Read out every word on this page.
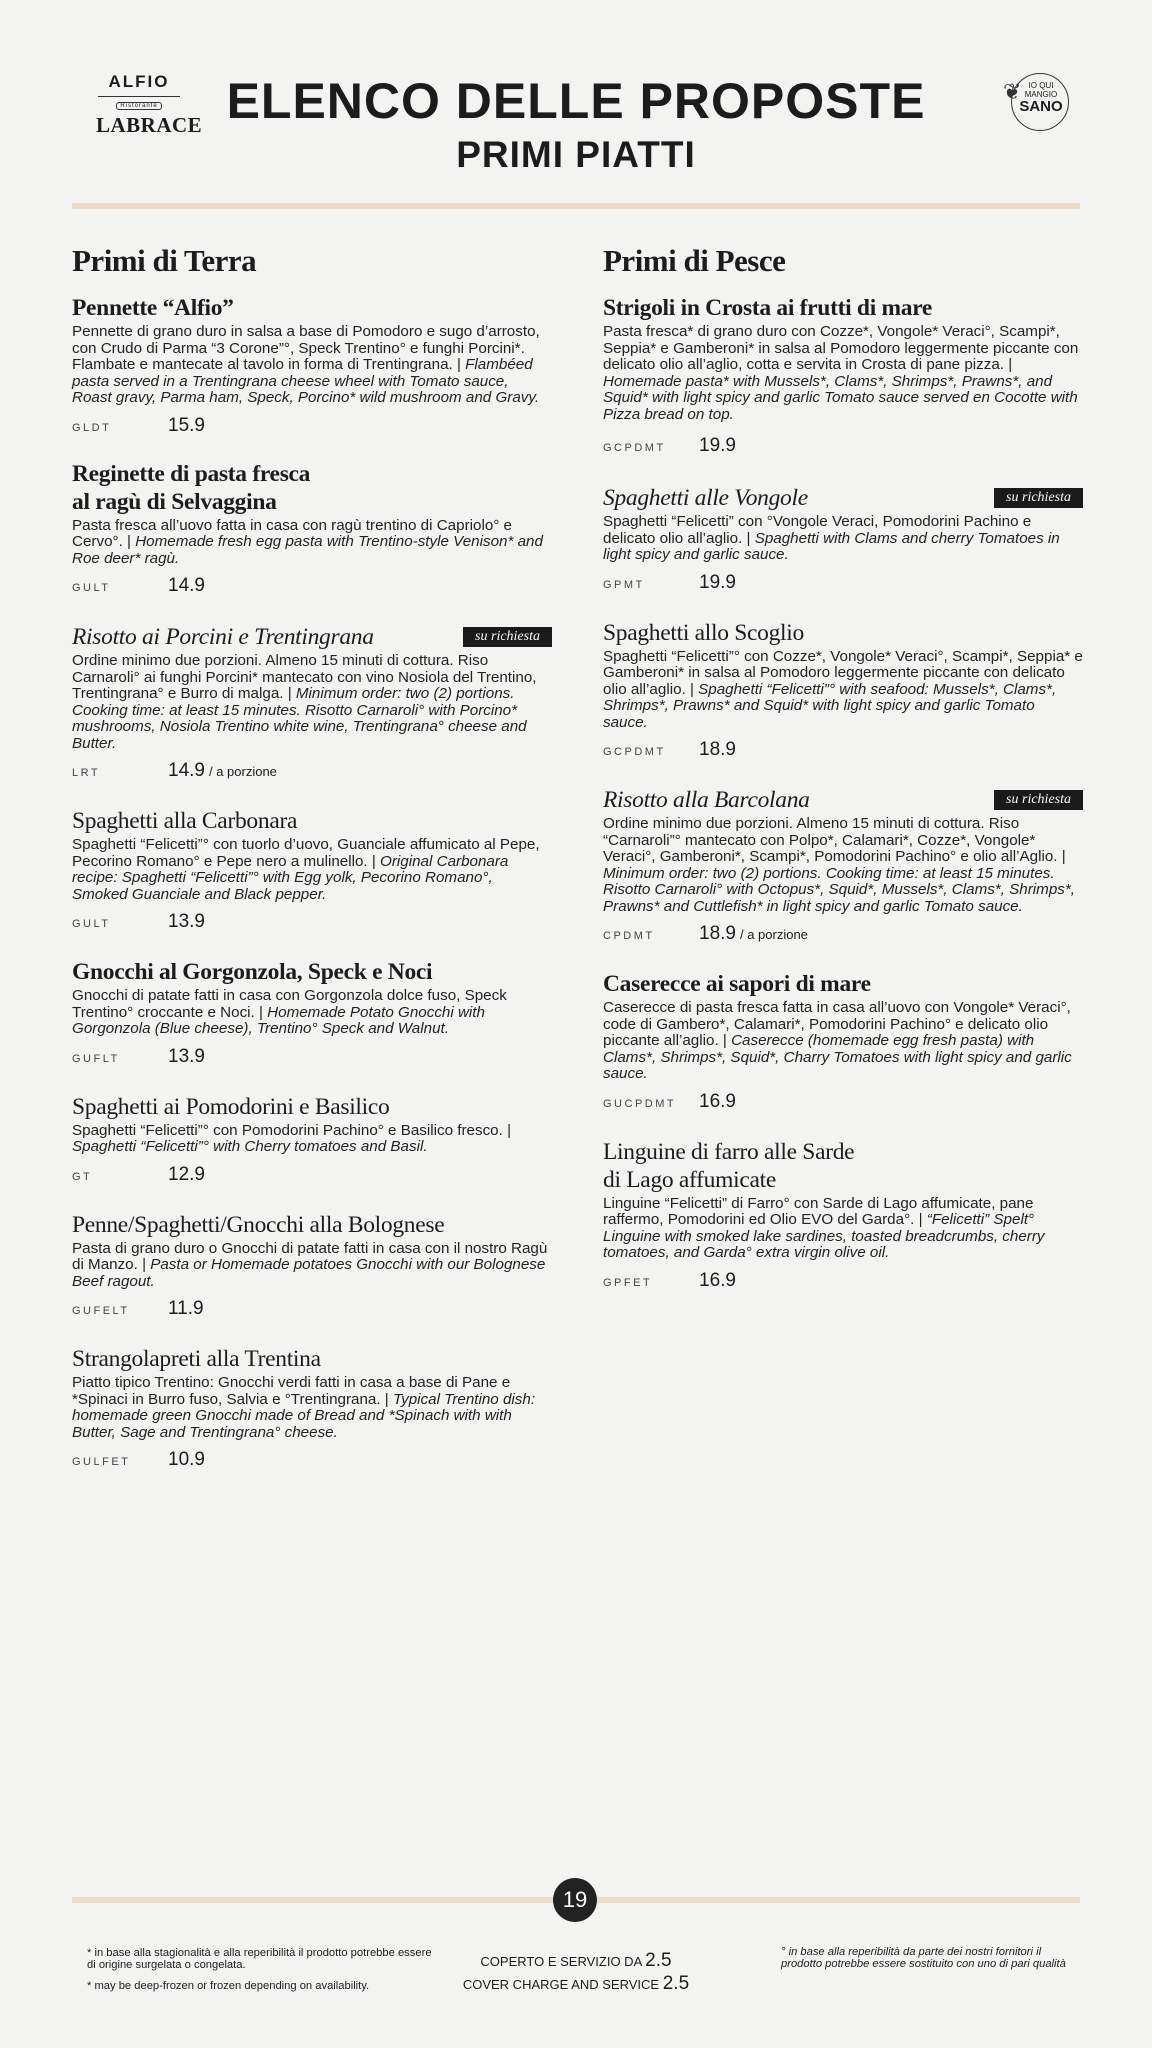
ALFIO
Ristorante
LABRACE ELENCO DELLE PROPOSTE
PRIMI PIATTI
❦ IO QUI
MANGIO
SANO
Primi di Terra
Pennette “Alfio”
Pennette di grano duro in salsa a base di Pomodoro e sugo d’arrosto, con Crudo di Parma “3 Corone”°, Speck Trentino° e funghi Porcini*. Flambate e mantecate al tavolo in forma di Trentingrana. | Flambéed pasta served in a Trentingrana cheese wheel with Tomato sauce, Roast gravy, Parma ham, Speck, Porcino* wild mushroom and Gravy.
GLDT	15.9
Reginette di pasta fresca
al ragù di Selvaggina
Pasta fresca all’uovo fatta in casa con ragù trentino di Capriolo° e Cervo°. | Homemade fresh egg pasta with Trentino-style Venison* and Roe deer* ragù.
GULT	14.9
Risotto ai Porcini e Trentingrana	su richiesta
Ordine minimo due porzioni. Almeno 15 minuti di cottura. Riso Carnaroli° ai funghi Porcini* mantecato con vino Nosiola del Trentino, Trentingrana° e Burro di malga. | Minimum order: two (2) portions. Cooking time: at least 15 minutes. Risotto Carnaroli° with Porcino* mushrooms, Nosiola Trentino white wine, Trentingrana° cheese and Butter.
LRT	14.9 / a porzione
Spaghetti alla Carbonara
Spaghetti “Felicetti”° con tuorlo d’uovo, Guanciale affumicato al Pepe, Pecorino Romano° e Pepe nero a mulinello. | Original Carbonara recipe: Spaghetti “Felicetti”° with Egg yolk, Pecorino Romano°, Smoked Guanciale and Black pepper.
GULT	13.9
Gnocchi al Gorgonzola, Speck e Noci
Gnocchi di patate fatti in casa con Gorgonzola dolce fuso, Speck Trentino° croccante e Noci. | Homemade Potato Gnocchi with Gorgonzola (Blue cheese), Trentino° Speck and Walnut.
GUFLT	13.9
Spaghetti ai Pomodorini e Basilico
Spaghetti “Felicetti”° con Pomodorini Pachino° e Basilico fresco. | Spaghetti “Felicetti”° with Cherry tomatoes and Basil.
GT	12.9
Penne/Spaghetti/Gnocchi alla Bolognese
Pasta di grano duro o Gnocchi di patate fatti in casa con il nostro Ragù di Manzo. | Pasta or Homemade potatoes Gnocchi with our Bolognese Beef ragout.
GUFELT	11.9
Strangolapreti alla Trentina
Piatto tipico Trentino: Gnocchi verdi fatti in casa a base di Pane e *Spinaci in Burro fuso, Salvia e °Trentingrana. | Typical Trentino dish: homemade green Gnocchi made of Bread and *Spinach with with Butter, Sage and Trentingrana° cheese.
GULFET	10.9
Primi di Pesce
Strigoli in Crosta ai frutti di mare
Pasta fresca* di grano duro con Cozze*, Vongole* Veraci°, Scampi*, Seppia* e Gamberoni* in salsa al Pomodoro leggermente piccante con delicato olio all’aglio, cotta e servita in Crosta di pane pizza. | Homemade pasta* with Mussels*, Clams*, Shrimps*, Prawns*, and Squid* with light spicy and garlic Tomato sauce served en Cocotte with Pizza bread on top.
GCPDMT	19.9
Spaghetti alle Vongole	su richiesta
Spaghetti “Felicetti” con °Vongole Veraci, Pomodorini Pachino e delicato olio all’aglio. | Spaghetti with Clams and cherry Tomatoes in light spicy and garlic sauce.
GPMT	19.9
Spaghetti allo Scoglio
Spaghetti “Felicetti”° con Cozze*, Vongole* Veraci°, Scampi*, Seppia* e Gamberoni* in salsa al Pomodoro leggermente piccante con delicato olio all’aglio. | Spaghetti “Felicetti”° with seafood: Mussels*, Clams*, Shrimps*, Prawns* and Squid* with light spicy and garlic Tomato sauce.
GCPDMT	18.9
Risotto alla Barcolana	su richiesta
Ordine minimo due porzioni. Almeno 15 minuti di cottura. Riso “Carnaroli”° mantecato con Polpo*, Calamari*, Cozze*, Vongole* Veraci°, Gamberoni*, Scampi*, Pomodorini Pachino° e olio all’Aglio. | Minimum order: two (2) portions. Cooking time: at least 15 minutes. Risotto Carnaroli° with Octopus*, Squid*, Mussels*, Clams*, Shrimps*, Prawns* and Cuttlefish* in light spicy and garlic Tomato sauce.
CPDMT	18.9 / a porzione
Caserecce ai sapori di mare
Caserecce di pasta fresca fatta in casa all’uovo con Vongole* Veraci°, code di Gambero*, Calamari*, Pomodorini Pachino° e delicato olio piccante all’aglio. | Caserecce (homemade egg fresh pasta) with Clams*, Shrimps*, Squid*, Charry Tomatoes with light spicy and garlic sauce.
GUCPDMT	16.9
Linguine di farro alle Sarde
di Lago affumicate
Linguine “Felicetti” di Farro° con Sarde di Lago affumicate, pane raffermo, Pomodorini ed Olio EVO del Garda°. | “Felicetti” Spelt° Linguine with smoked lake sardines, toasted breadcrumbs, cherry tomatoes, and Garda° extra virgin olive oil.
GPFET	16.9
19
* in base alla stagionalità e alla reperibilità il prodotto potrebbe essere di origine surgelata o congelata.
* may be deep-frozen or frozen depending on availability.
COPERTO E SERVIZIO DA 2.5
COVER CHARGE AND SERVICE 2.5
° in base alla reperibilità da parte dei nostri fornitori il prodotto potrebbe essere sostituito con uno di pari qualità
